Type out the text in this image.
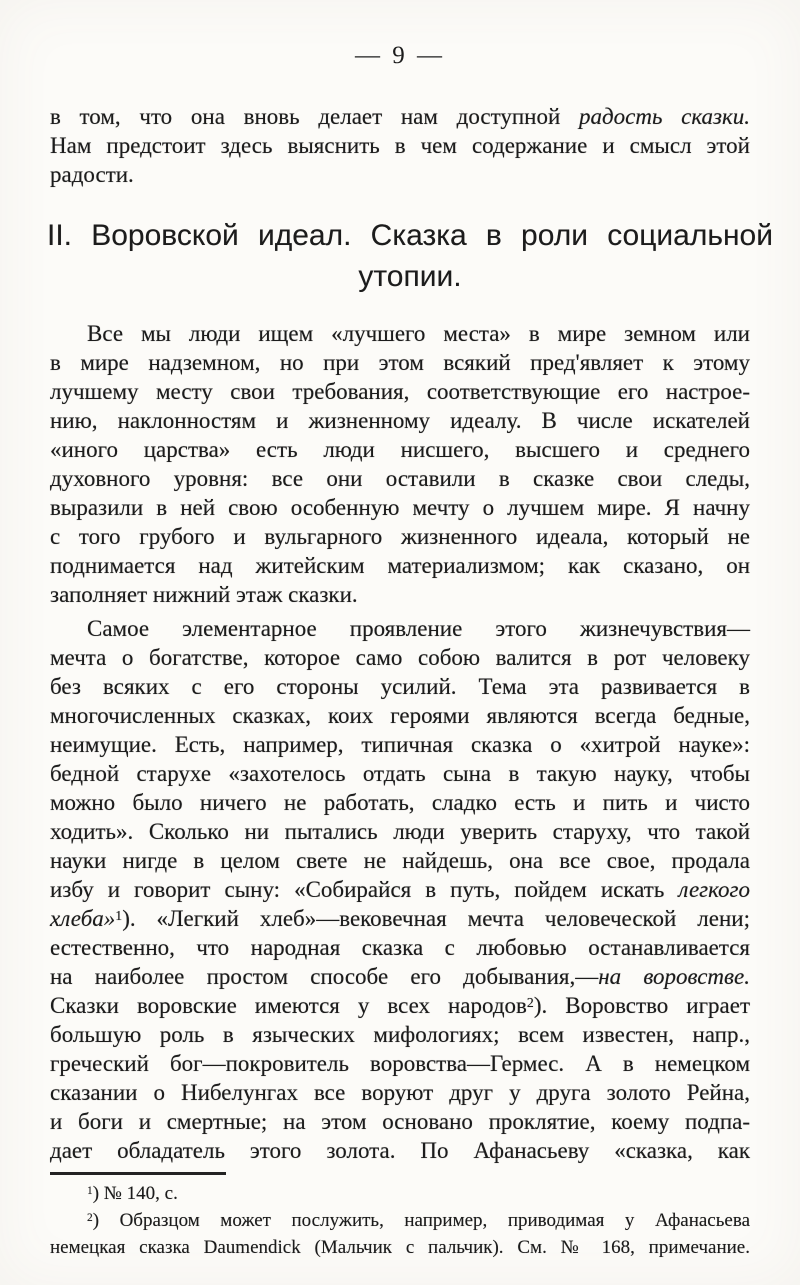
— 9 —
в том, что она вновь делает нам доступной радость сказки.
Нам предстоит здесь выяснить в чем содержание и смысл этой
радости.
II. Воровской идеал. Сказка в роли социальной
утопии.
Все мы люди ищем «лучшего места» в мире земном или
в мире надземном, но при этом всякий пред'являет к этому
лучшему месту свои требования, соответствующие его настрое-
нию, наклонностям и жизненному идеалу. В числе искателей
«иного царства» есть люди нисшего, высшего и среднего
духовного уровня: все они оставили в сказке свои следы,
выразили в ней свою особенную мечту о лучшем мире. Я начну
с того грубого и вульгарного жизненного идеала, который не
поднимается над житейским материализмом; как сказано, он
заполняет нижний этаж сказки.
Самое элементарное проявление этого жизнечувствия—
мечта о богатстве, которое само собою валится в рот человеку
без всяких с его стороны усилий. Тема эта развивается в
многочисленных сказках, коих героями являются всегда бедные,
неимущие. Есть, например, типичная сказка о «хитрой науке»:
бедной старухе «захотелось отдать сына в такую науку, чтобы
можно было ничего не работать, сладко есть и пить и чисто
ходить». Сколько ни пытались люди уверить старуху, что такой
науки нигде в целом свете не найдешь, она все свое, продала
избу и говорит сыну: «Собирайся в путь, пойдем искать легкого
хлеба»$^1$). «Легкий хлеб»—вековечная мечта человеческой лени;
естественно, что народная сказка с любовью останавливается
на наиболее простом способе его добывания,—на воровстве.
Сказки воровские имеются у всех народов$^2$). Воровство играет
большую роль в языческих мифологиях; всем известен, напр.,
греческий бог—покровитель воровства—Гермес. А в немецком
сказании о Нибелунгах все воруют друг у друга золото Рейна,
и боги и смертные; на этом основано проклятие, коему подпа-
дает обладатель этого золота. По Афанасьеву «сказка, как
$^1$) № 140, с.
$^2$) Образцом может послужить, например, приводимая у Афанасьева
немецкая сказка Daumendick (Мальчик с пальчик). См. № 168, примечание.
